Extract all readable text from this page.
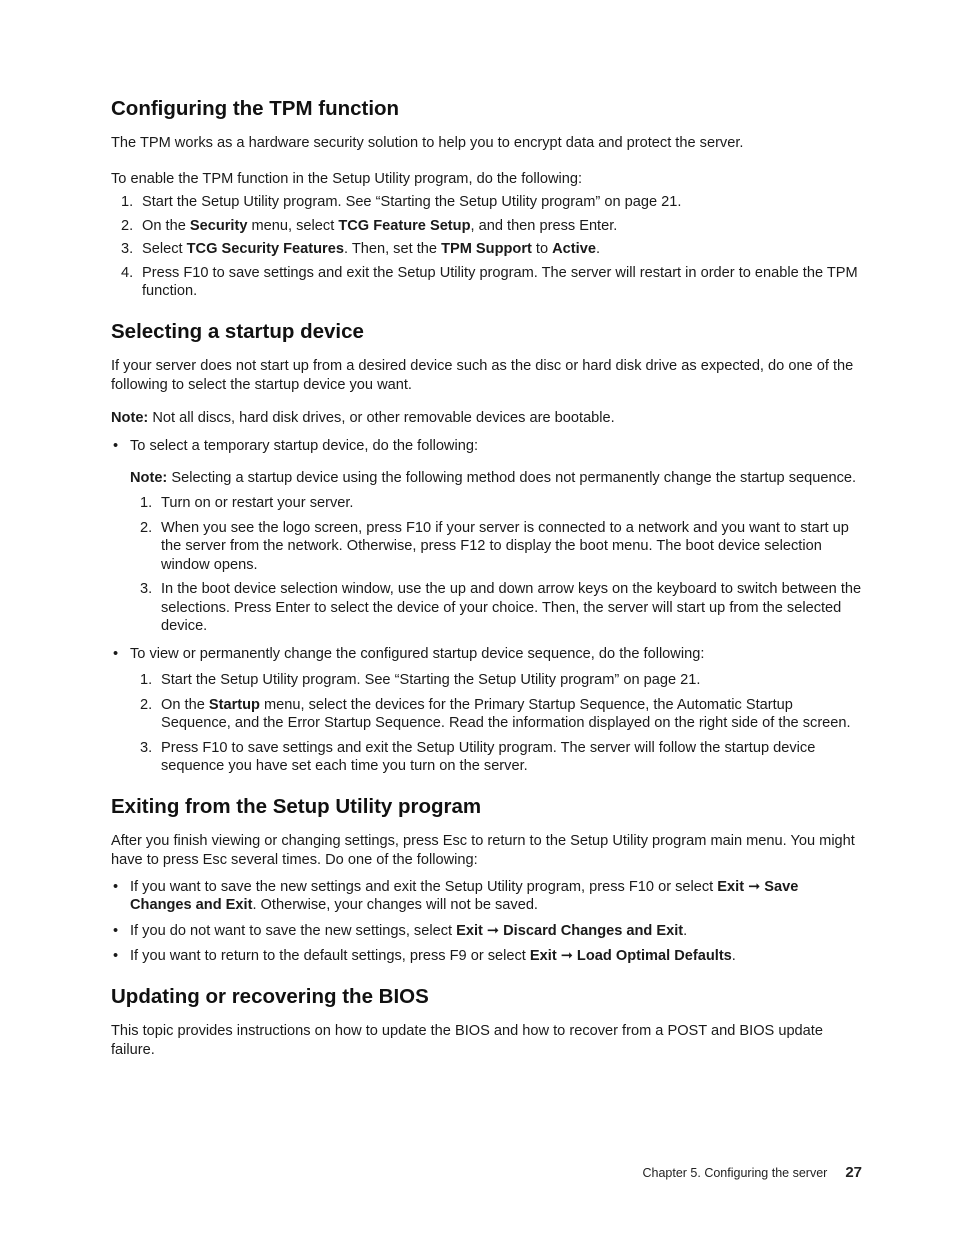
Configuring the TPM function

The TPM works as a hardware security solution to help you to encrypt data and protect the server.

To enable the TPM function in the Setup Utility program, do the following:

1. Start the Setup Utility program. See “Starting the Setup Utility program” on page 21.
2. On the Security menu, select TCG Feature Setup, and then press Enter.
3. Select TCG Security Features. Then, set the TPM Support to Active.
4. Press F10 to save settings and exit the Setup Utility program. The server will restart in order to enable the TPM function.
Selecting a startup device

If your server does not start up from a desired device such as the disc or hard disk drive as expected, do one of the following to select the startup device you want.

Note: Not all discs, hard disk drives, or other removable devices are bootable.

• To select a temporary startup device, do the following:

Note: Selecting a startup device using the following method does not permanently change the startup sequence.

1. Turn on or restart your server.
2. When you see the logo screen, press F10 if your server is connected to a network and you want to start up the server from the network. Otherwise, press F12 to display the boot menu. The boot device selection window opens.
3. In the boot device selection window, use the up and down arrow keys on the keyboard to switch between the selections. Press Enter to select the device of your choice. Then, the server will start up from the selected device.
• To view or permanently change the configured startup device sequence, do the following:
1. Start the Setup Utility program. See “Starting the Setup Utility program” on page 21.
2. On the Startup menu, select the devices for the Primary Startup Sequence, the Automatic Startup Sequence, and the Error Startup Sequence. Read the information displayed on the right side of the screen.
3. Press F10 to save settings and exit the Setup Utility program. The server will follow the startup device sequence you have set each time you turn on the server.
Exiting from the Setup Utility program

After you finish viewing or changing settings, press Esc to return to the Setup Utility program main menu. You might have to press Esc several times. Do one of the following:

• If you want to save the new settings and exit the Setup Utility program, press F10 or select Exit ➞ Save Changes and Exit. Otherwise, your changes will not be saved.
• If you do not want to save the new settings, select Exit ➞ Discard Changes and Exit.
• If you want to return to the default settings, press F9 or select Exit ➞ Load Optimal Defaults.
Updating or recovering the BIOS

This topic provides instructions on how to update the BIOS and how to recover from a POST and BIOS update failure.

Chapter 5. Configuring the server 27
